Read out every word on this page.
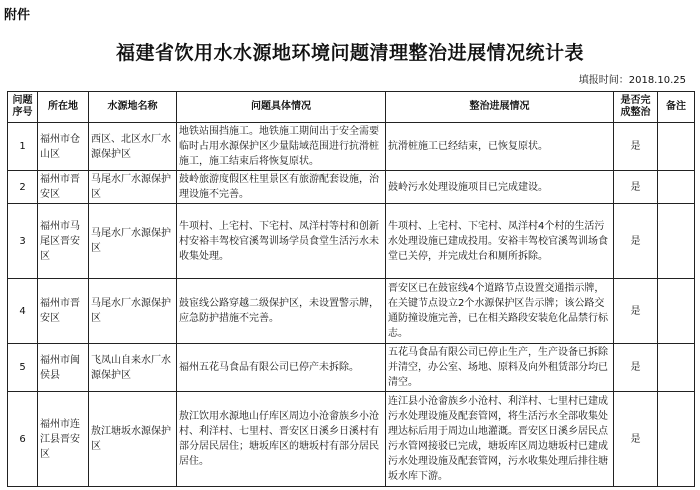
附件
福建省饮用水水源地环境问题清理整治进展情况统计表
填报时间：2018.10.25
问题序号	所在地	水源地名称	问题具体情况	整治进展情况	是否完成整治	备注
1	福州市仓山区	西区、北区水厂水源保护区	地铁站围挡施工。地铁施工期间出于安全需要临时占用水源保护区少量陆域范围进行抗滑桩施工，施工结束后将恢复原状。	抗滑桩施工已经结束，已恢复原状。	是	
2	福州市晋安区	马尾水厂水源保护区	鼓岭旅游度假区柱里景区有旅游配套设施，治理设施不完善。	鼓岭污水处理设施项目已完成建设。	是	
3	福州市马尾区晋安区	马尾水厂水源保护区	牛项村、上宅村、下宅村、凤洋村等村和创新村安裕丰驾校官溪驾训场学员食堂生活污水未收集处理。	牛项村、上宅村、下宅村、凤洋村4个村的生活污水处理设施已建成投用。安裕丰驾校官溪驾训场食堂已关停，并完成灶台和厕所拆除。	是	
4	福州市晋安区	马尾水厂水源保护区	鼓宦线公路穿越二级保护区，未设置警示牌，应急防护措施不完善。	晋安区已在鼓宦线4个道路节点设置交通指示牌，在关键节点设立2个水源保护区告示牌；该公路交通防撞设施完善，已在相关路段安装危化品禁行标志。	是	
5	福州市闽侯县	飞凤山自来水厂水源保护区	福州五花马食品有限公司已停产未拆除。	五花马食品有限公司已停止生产，生产设备已拆除并清空，办公室、场地、原料及向外租赁部分均已清空。	是	
6	福州市连江县晋安区	敖江塘坂水源保护区	敖江饮用水源地山仔库区周边小沧畲族乡小沧村、利洋村、七里村、晋安区日溪乡日溪村有部分居民居住；塘坂库区的塘坂村有部分居民居住。	连江县小沧畲族乡小沧村、利洋村、七里村已建成污水处理设施及配套管网，将生活污水全部收集处理达标后用于周边山地灌溉。晋安区日溪乡居民点污水管网接驳已完成，塘坂库区周边塘坂村已建成污水处理设施及配套管网，污水收集处理后排往塘坂水库下游。	是	
